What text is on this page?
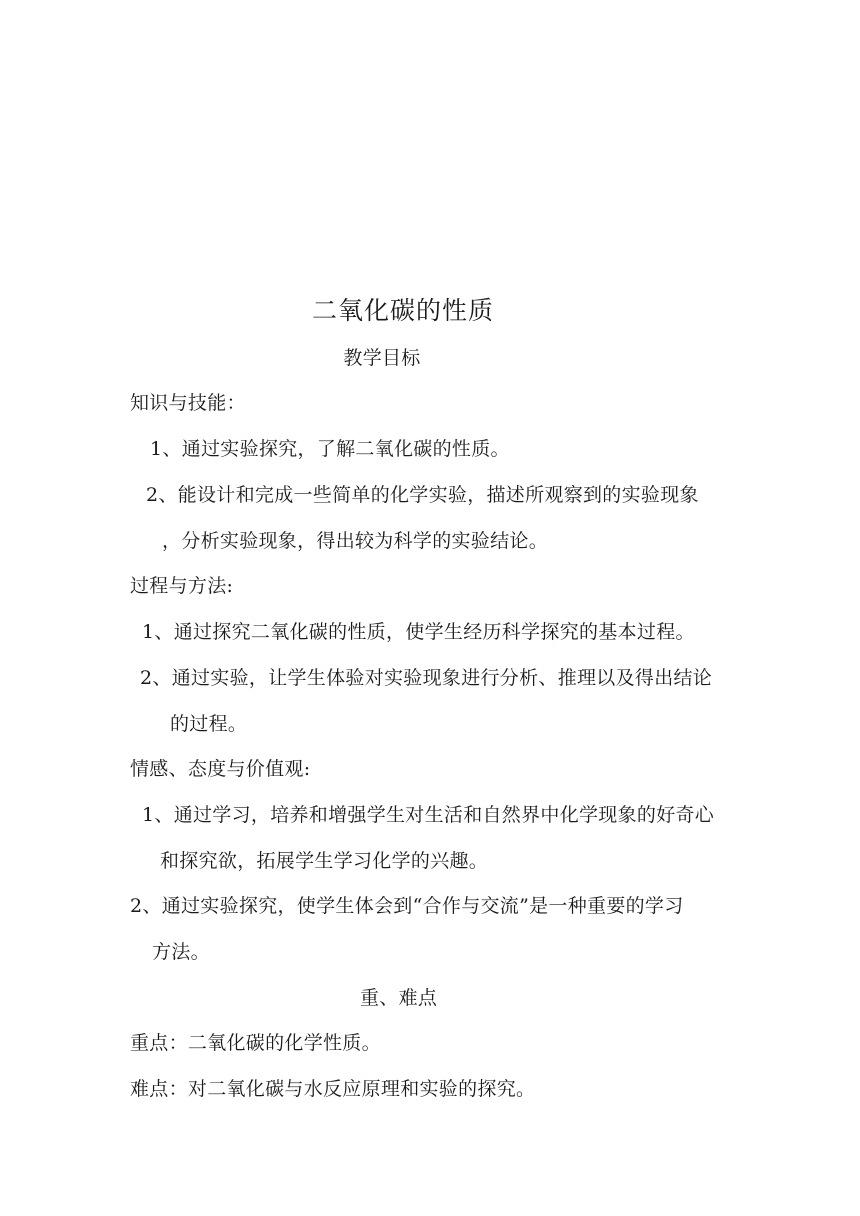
二氧化碳的性质
教学目标
知识与技能：
1、通过实验探究，了解二氧化碳的性质。
2、能设计和完成一些简单的化学实验，描述所观察到的实验现象
，分析实验现象，得出较为科学的实验结论。
过程与方法:
1、通过探究二氧化碳的性质，使学生经历科学探究的基本过程。
2、通过实验，让学生体验对实验现象进行分析、推理以及得出结论
的过程。
情感、态度与价值观:
1、通过学习，培养和增强学生对生活和自然界中化学现象的好奇心
和探究欲，拓展学生学习化学的兴趣。
2、通过实验探究，使学生体会到“合作与交流”是一种重要的学习
方法。
重、难点
重点：二氧化碳的化学性质。
难点：对二氧化碳与水反应原理和实验的探究。
